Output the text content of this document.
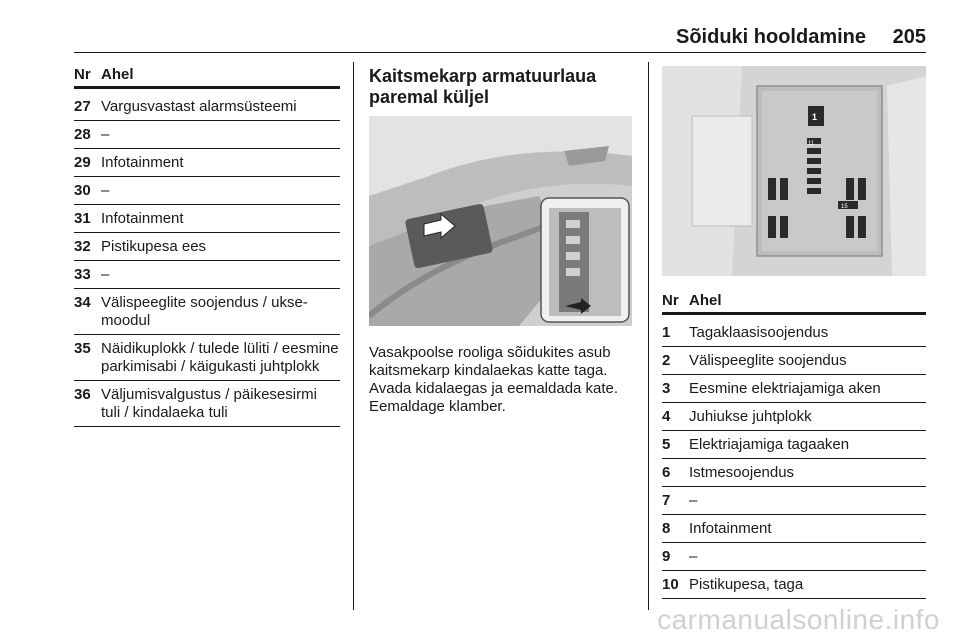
Sõiduki hooldamine 205
Nr Ahel
27 Vargusvastast alarmsüsteemi
28 –
29 Infotainment
30 –
31 Infotainment
32 Pistikupesa ees
33 –
34 Välispeeglite soojendus / ukse-moodul
35 Näidikuplokk / tulede lüliti / eesmine parkimisabi / käigukasti juhtplokk
36 Väljumisvalgustus / päikesesirmi tuli / kindalaeka tuli
Kaitsmekarp armatuurlaua paremal küljel
Vasakpoolse rooliga sõidukites asub kaitsmekarp kindalaekas katte taga. Avada kidalaegas ja eemaldada kate. Eemaldage klamber.
1
11
15
Nr Ahel
1 Tagaklaasisoojendus
2 Välispeeglite soojendus
3 Eesmine elektriajamiga aken
4 Juhiukse juhtplokk
5 Elektriajamiga tagaaken
6 Istmesoojendus
7 –
8 Infotainment
9 –
10 Pistikupesa, taga
carmanualsonline.info
